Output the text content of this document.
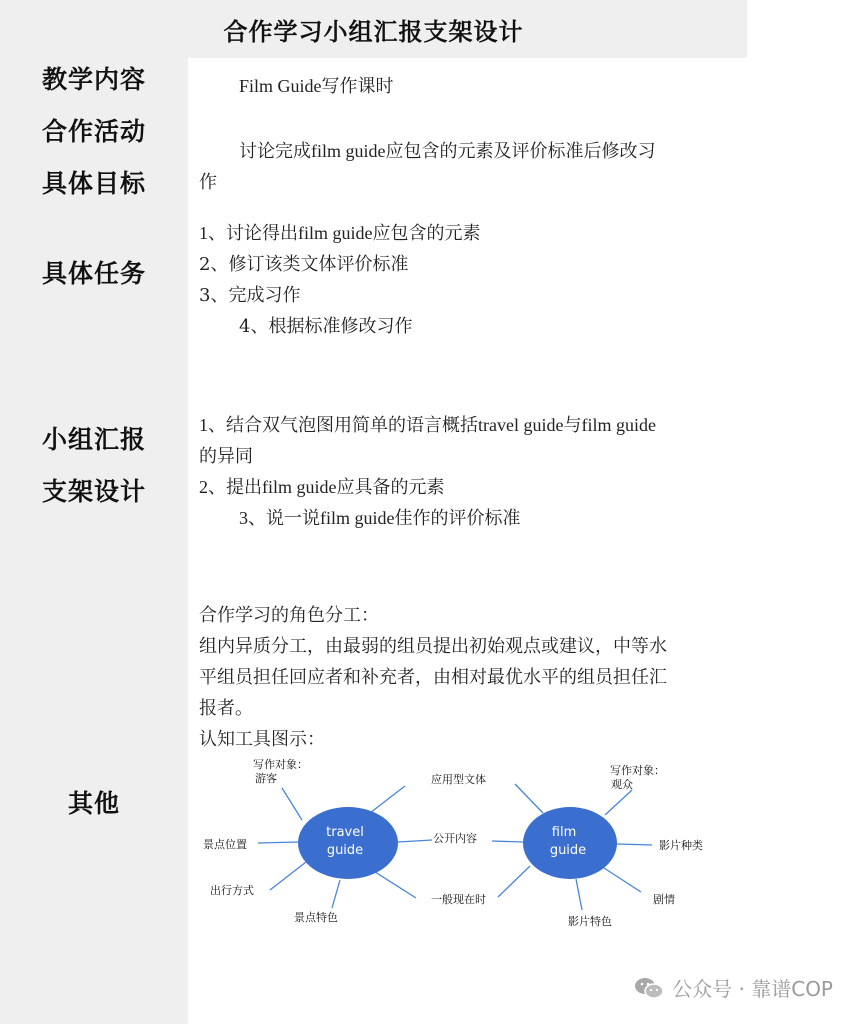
合作学习小组汇报支架设计
教学内容	Film Guide写作课时
合作活动
具体目标
讨论完成film guide应包含的元素及评价标准后修改习
作
具体任务
1、讨论得出film guide应包含的元素
2、修订该类文体评价标准
3、完成习作
4、根据标准修改习作
小组汇报
支架设计
1、结合双气泡图用简单的语言概括travel guide与film guide
的异同
2、提出film guide应具备的元素
3、说一说film guide佳作的评价标准
其他
合作学习的角色分工：
组内异质分工，由最弱的组员提出初始观点或建议，中等水
平组员担任回应者和补充者，由相对最优水平的组员担任汇
报者。
认知工具图示：
travel
guide
film
guide
写作对象：
游客
景点位置
出行方式
景点特色
应用型文体
公开内容
一般现在时
写作对象：
观众
影片种类
剧情
影片特色
公众号 · 靠谱COP
